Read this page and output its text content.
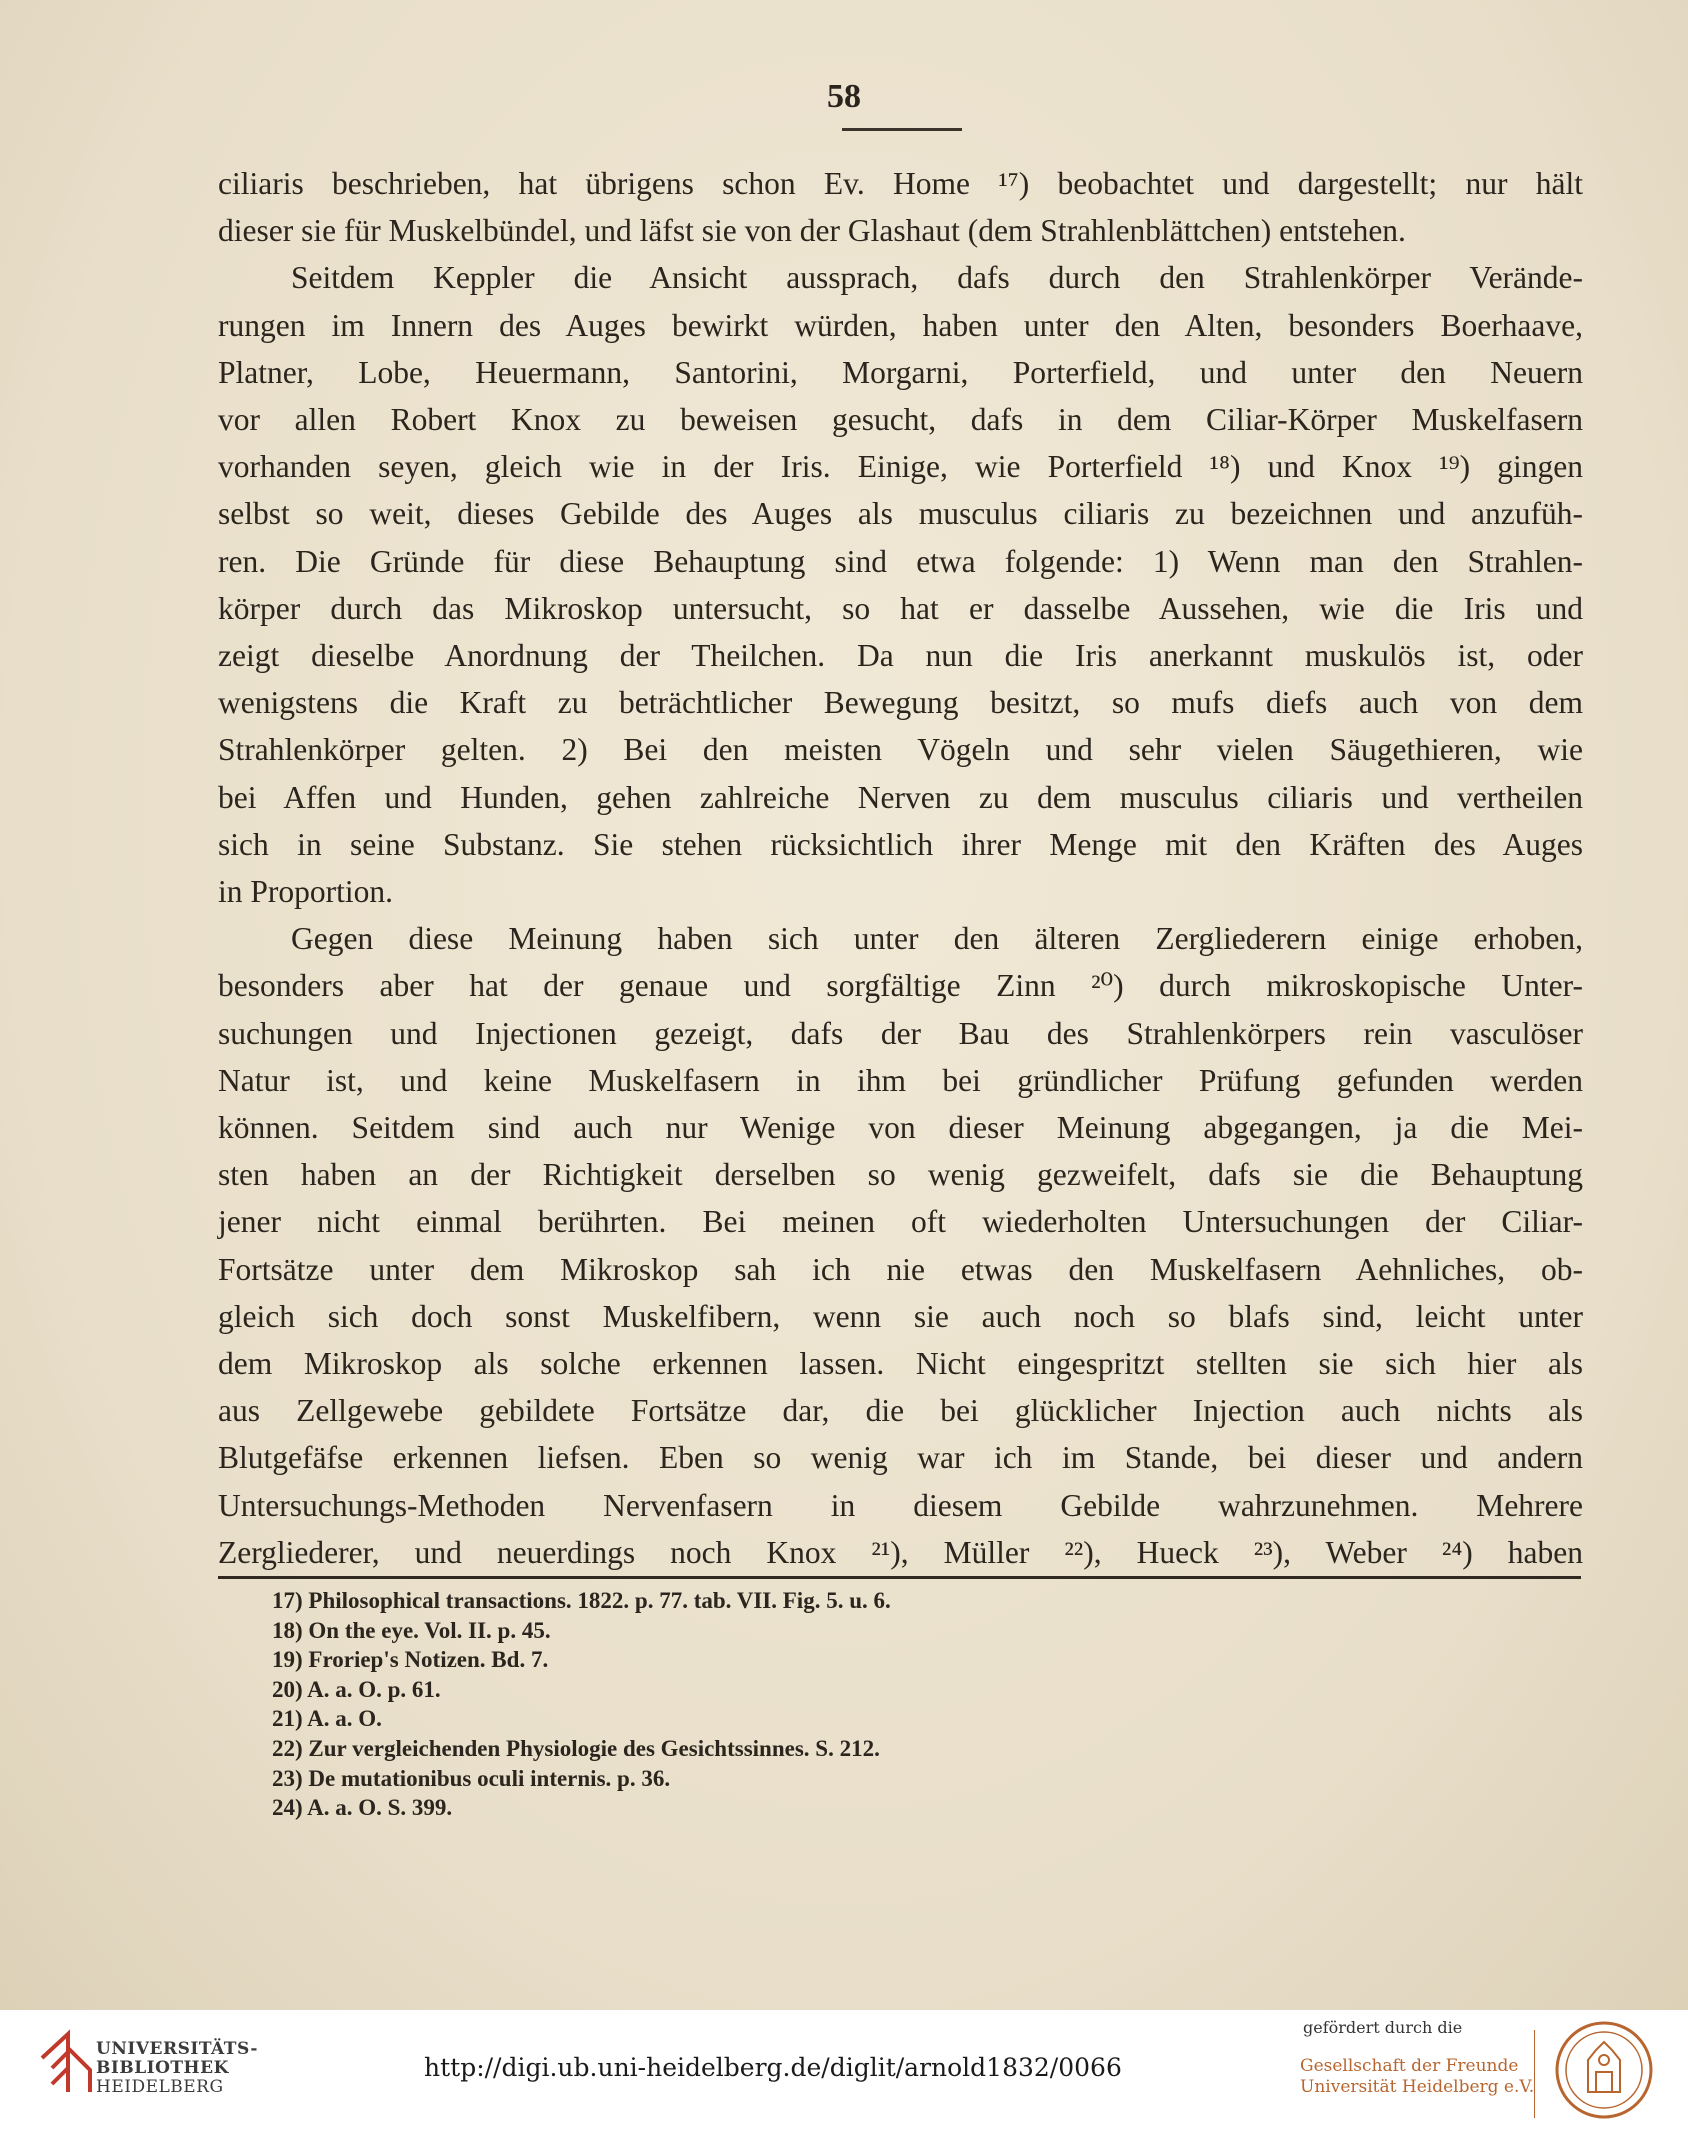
58
ciliaris beschrieben, hat übrigens schon Ev. Home ¹⁷) beobachtet und dargestellt; nur hält
dieser sie für Muskelbündel, und läfst sie von der Glashaut (dem Strahlenblättchen) entstehen.
Seitdem Keppler die Ansicht aussprach, dafs durch den Strahlenkörper Verände-
rungen im Innern des Auges bewirkt würden, haben unter den Alten, besonders Boerhaave,
Platner, Lobe, Heuermann, Santorini, Morgarni, Porterfield, und unter den Neuern
vor allen Robert Knox zu beweisen gesucht, dafs in dem Ciliar-Körper Muskelfasern
vorhanden seyen, gleich wie in der Iris. Einige, wie Porterfield ¹⁸) und Knox ¹⁹) gingen
selbst so weit, dieses Gebilde des Auges als musculus ciliaris zu bezeichnen und anzufüh-
ren. Die Gründe für diese Behauptung sind etwa folgende: 1) Wenn man den Strahlen-
körper durch das Mikroskop untersucht, so hat er dasselbe Aussehen, wie die Iris und
zeigt dieselbe Anordnung der Theilchen. Da nun die Iris anerkannt muskulös ist, oder
wenigstens die Kraft zu beträchtlicher Bewegung besitzt, so mufs diefs auch von dem
Strahlenkörper gelten. 2) Bei den meisten Vögeln und sehr vielen Säugethieren, wie
bei Affen und Hunden, gehen zahlreiche Nerven zu dem musculus ciliaris und vertheilen
sich in seine Substanz. Sie stehen rücksichtlich ihrer Menge mit den Kräften des Auges
in Proportion.
Gegen diese Meinung haben sich unter den älteren Zergliederern einige erhoben,
besonders aber hat der genaue und sorgfältige Zinn ²⁰) durch mikroskopische Unter-
suchungen und Injectionen gezeigt, dafs der Bau des Strahlenkörpers rein vasculöser
Natur ist, und keine Muskelfasern in ihm bei gründlicher Prüfung gefunden werden
können. Seitdem sind auch nur Wenige von dieser Meinung abgegangen, ja die Mei-
sten haben an der Richtigkeit derselben so wenig gezweifelt, dafs sie die Behauptung
jener nicht einmal berührten. Bei meinen oft wiederholten Untersuchungen der Ciliar-
Fortsätze unter dem Mikroskop sah ich nie etwas den Muskelfasern Aehnliches, ob-
gleich sich doch sonst Muskelfibern, wenn sie auch noch so blafs sind, leicht unter
dem Mikroskop als solche erkennen lassen. Nicht eingespritzt stellten sie sich hier als
aus Zellgewebe gebildete Fortsätze dar, die bei glücklicher Injection auch nichts als
Blutgefäfse erkennen liefsen. Eben so wenig war ich im Stande, bei dieser und andern
Untersuchungs-Methoden Nervenfasern in diesem Gebilde wahrzunehmen. Mehrere
Zergliederer, und neuerdings noch Knox ²¹), Müller ²²), Hueck ²³), Weber ²⁴) haben
17) Philosophical transactions. 1822. p. 77. tab. VII. Fig. 5. u. 6.
18) On the eye. Vol. II. p. 45.
19) Froriep's Notizen. Bd. 7.
20) A. a. O. p. 61.
21) A. a. O.
22) Zur vergleichenden Physiologie des Gesichtssinnes. S. 212.
23) De mutationibus oculi internis. p. 36.
24) A. a. O. S. 399.
UNIVERSITÄTS-
BIBLIOTHEK
HEIDELBERG
http://digi.ub.uni-heidelberg.de/diglit/arnold1832/0066
gefördert durch die
Gesellschaft der Freunde
Universität Heidelberg e.V.
